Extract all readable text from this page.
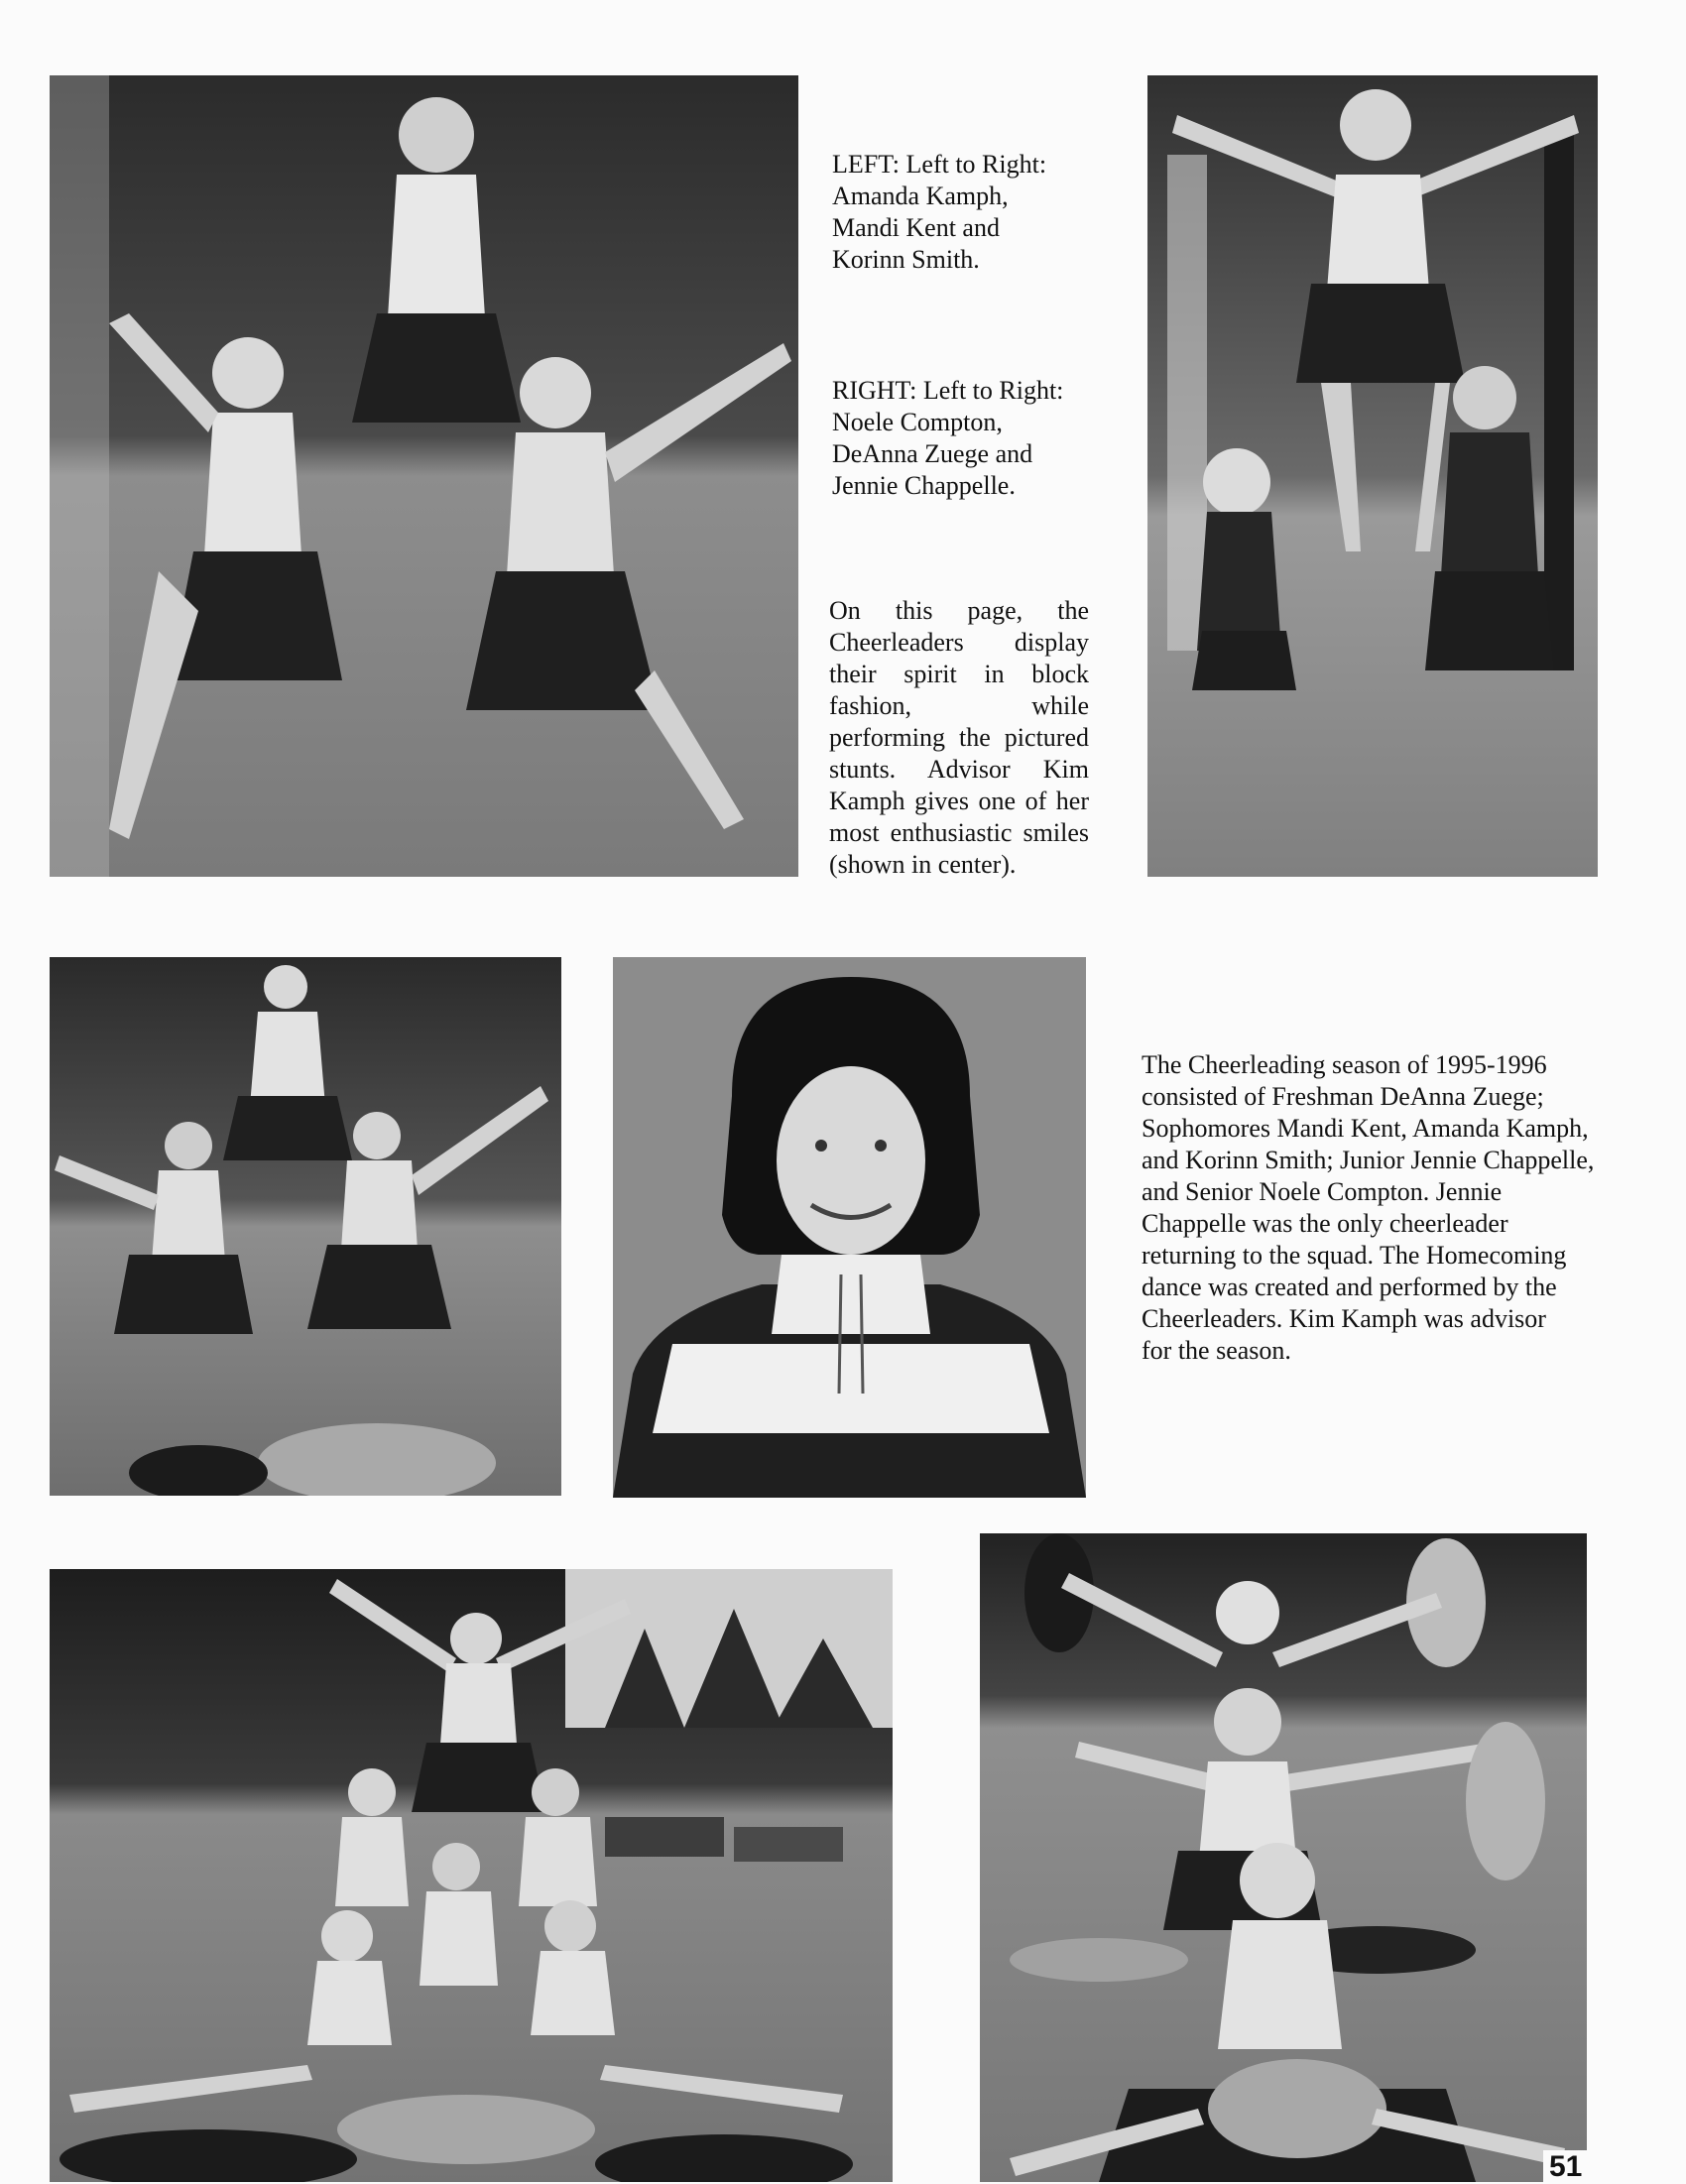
LEFT: Left to Right:
Amanda Kamph,
Mandi Kent and
Korinn Smith.
RIGHT: Left to Right:
Noele Compton,
DeAnna Zuege and
Jennie Chappelle.

On this page, the Cheerleaders display their spirit in block fashion, while performing the pictured stunts. Advisor Kim Kamph gives one of her most enthusiastic smiles (shown in center).

The Cheerleading season of 1995-1996
consisted of Freshman DeAnna Zuege;
Sophomores Mandi Kent, Amanda Kamph,
and Korinn Smith; Junior Jennie Chappelle,
and Senior Noele Compton. Jennie
Chappelle was the only cheerleader
returning to the squad. The Homecoming
dance was created and performed by the
Cheerleaders. Kim Kamph was advisor
for the season.
51
